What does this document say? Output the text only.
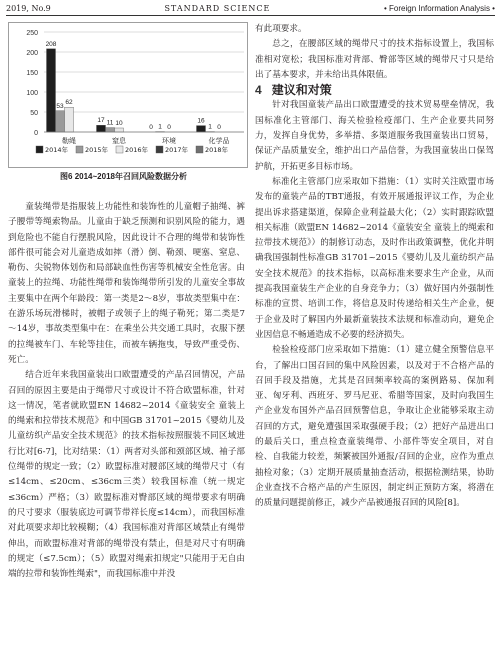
2019, No.9	STANDARD SCIENCE	• Foreign Information Analysis •
0
50
100
150
200
250
208
53
62
勒绳
17 11 10
窒息
0 1 0
环境
16
1 0
化学品
2014年	2015年	2016年	2017年	2018年
图6 2014~2018年召回风险数据分析

童装绳带是指服装上功能性和装饰性的儿童帽子抽绳、裤子腰带等绳索物品。儿童由于缺乏预测和识别风险的能力，遇到危险也不能自行摆脱风险，因此设计不合理的绳带和装饰性部件很可能会对儿童造成如摔（滑）倒、勒颈、哽塞、窒息、勒伤、尖锐物体划伤和局部缺血性伤害等机械安全性危害。由童装上的拉绳、功能性绳带和装饰绳带所引发的儿童安全事故主要集中在两个年龄段：第一类是2～8岁，事故类型集中在：在游乐场玩滑梯时，被帽子或领子上的绳子勒死；第二类是7～14岁，事故类型集中在：在乘坐公共交通工具时，衣服下摆的拉绳被车门、车轮等挂住，而被车辆拖曳，导致严重受伤、死亡。

结合近年来我国童装出口欧盟遭受的产品召回情况，产品召回的原因主要是由于绳带尺寸或设计不符合欧盟标准，针对这一情况，笔者就欧盟EN 14682~2014《童装安全 童装上的绳索和拉带技术规范》和中国GB 31701~2015《婴幼儿及儿童纺织产品安全技术规范》的技术指标按照服装不同区域进行比对[6-7]，比对结果：（1）两者对头部和颈部区域、袖子部位绳带的规定一致；（2）欧盟标准对腰部区域的绳带尺寸（有≤14cm、≤20cm、≤36cm三类）较我国标准（统一规定≤36cm）严格；（3）欧盟标准对臀部区域的绳带要求有明确的尺寸要求（服装底边可调节带祥长度≤14cm），而我国标准对此项要求却比较模糊；（4）我国标准对背部区域禁止有绳带伸出，而欧盟标准对背部的绳带没有禁止，但是对尺寸有明确的规定（≤7.5cm）；（5）欧盟对绳索扣规定"只能用于无自由端的拉带和装饰性绳索"，而我国标准中并没

有此项要求。

总之，在腰部区域的绳带尺寸的技术指标设置上，我国标准相对宽松；我国标准对背部、臀部等区域的绳带尺寸只是给出了基本要求，并未给出具体限值。

4 建议和对策

针对我国童装产品出口欧盟遭受的技术贸易壁垒情况，我国标准化主管部门、海关检验检疫部门、生产企业要共同努力，发挥自身优势，多举措、多渠道服务我国童装出口贸易，保证产品质量安全，维护出口产品信誉，为我国童装出口保驾护航，开拓更多目标市场。

标准化主管部门应采取如下措施：（1）实时关注欧盟市场发布的童装产品的TBT通报，有效开展通报评议工作，为企业提出诉求搭建渠道，保障企业利益最大化；（2）实时跟踪欧盟相关标准（欧盟EN 14682~2014《童装安全 童装上的绳索和拉带技术规范》）的制修订动态，及时作出政策调整，优化并明确我国强制性标准GB 31701~2015《婴幼儿及儿童纺织产品安全技术规范》的技术指标，以高标准来要求生产企业，从而提高我国童装生产企业的自身竞争力；（3）做好国内外强制性标准的宣贯、培训工作，将信息及时传递给相关生产企业，便于企业及时了解国内外最新童装技术法规和标准动向，避免企业因信息不畅通造成不必要的经济损失。

检验检疫部门应采取如下措施：（1）建立健全预警信息平台，了解出口国召回的集中风险因素，以及对于不合格产品的召回手段及措施，尤其是召回频率较高的案例路易、保加利亚、匈牙利、西班牙、罗马尼亚、希腊等国家，及时向我国生产企业发布国外产品召回预警信息，争取让企业能够采取主动召回的方式，避免遭强国采取强硬手段；（2）把好产品进出口的最后关口，重点检查童装绳带、小部件等安全项目，对自检、自我能力较差，频繁被国外通报/召回的企业，应作为重点抽检对象；（3）定期开展质量抽查活动，根据检测结果，协助企业查找不合格产品的产生原因，制定纠正预防方案，将潜在的质量问题提前修正，减少产品被通报召回的风险[8]。
